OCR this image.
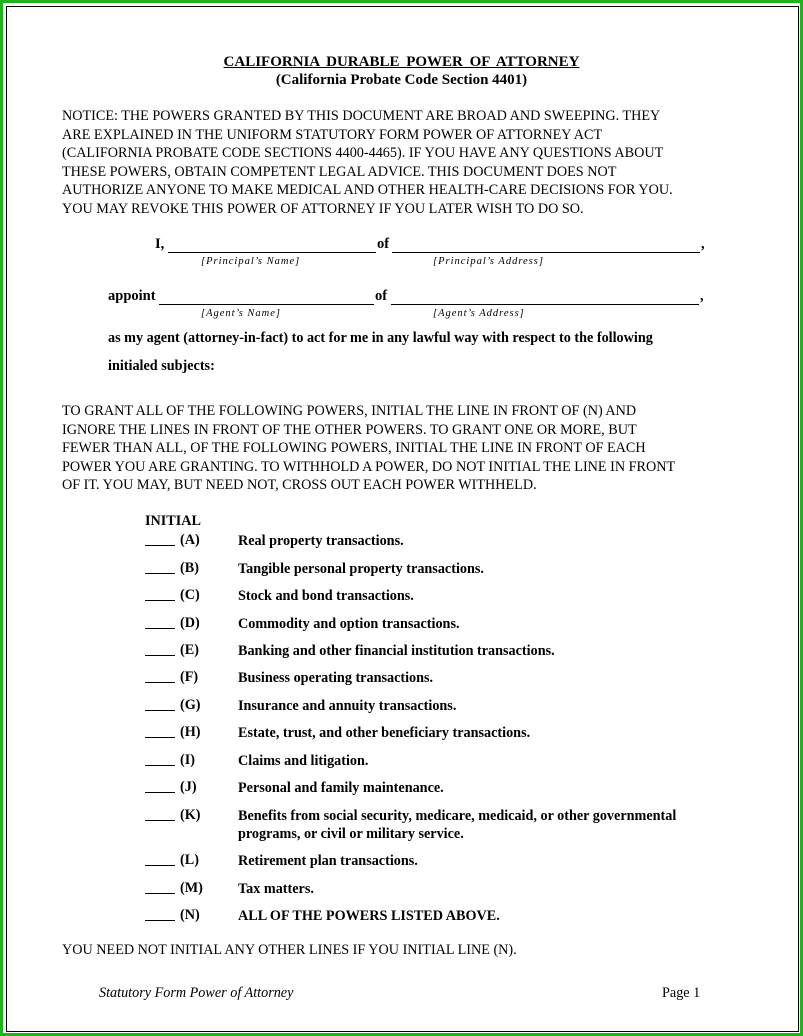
CALIFORNIA DURABLE POWER OF ATTORNEY
(California Probate Code Section 4401)

NOTICE: THE POWERS GRANTED BY THIS DOCUMENT ARE BROAD AND SWEEPING. THEY

ARE EXPLAINED IN THE UNIFORM STATUTORY FORM POWER OF ATTORNEY ACT

(CALIFORNIA PROBATE CODE SECTIONS 4400-4465). IF YOU HAVE ANY QUESTIONS ABOUT

THESE POWERS, OBTAIN COMPETENT LEGAL ADVICE. THIS DOCUMENT DOES NOT

AUTHORIZE ANYONE TO MAKE MEDICAL AND OTHER HEALTH-CARE DECISIONS FOR YOU.

YOU MAY REVOKE THIS POWER OF ATTORNEY IF YOU LATER WISH TO DO SO.

I,	of	,
[Principal’s Name]	[Principal’s Address]
appoint	of	,
[Agent’s Name]	[Agent’s Address]
as my agent (attorney-in-fact) to act for me in any lawful way with respect to the following
initialed subjects:

TO GRANT ALL OF THE FOLLOWING POWERS, INITIAL THE LINE IN FRONT OF (N) AND

IGNORE THE LINES IN FRONT OF THE OTHER POWERS. TO GRANT ONE OR MORE, BUT

FEWER THAN ALL, OF THE FOLLOWING POWERS, INITIAL THE LINE IN FRONT OF EACH

POWER YOU ARE GRANTING. TO WITHHOLD A POWER, DO NOT INITIAL THE LINE IN FRONT

OF IT. YOU MAY, BUT NEED NOT, CROSS OUT EACH POWER WITHHELD.

INITIAL
(A)	Real property transactions.
(B)	Tangible personal property transactions.
(C)	Stock and bond transactions.
(D)	Commodity and option transactions.
(E)	Banking and other financial institution transactions.
(F)	Business operating transactions.
(G)	Insurance and annuity transactions.
(H)	Estate, trust, and other beneficiary transactions.
(I)	Claims and litigation.
(J)	Personal and family maintenance.
(K)	Benefits from social security, medicare, medicaid, or other governmental programs, or civil or military service.
(L)	Retirement plan transactions.
(M) Tax matters.
(N)	ALL OF THE POWERS LISTED ABOVE.
YOU NEED NOT INITIAL ANY OTHER LINES IF YOU INITIAL LINE (N).
Statutory Form Power of Attorney	Page 1
